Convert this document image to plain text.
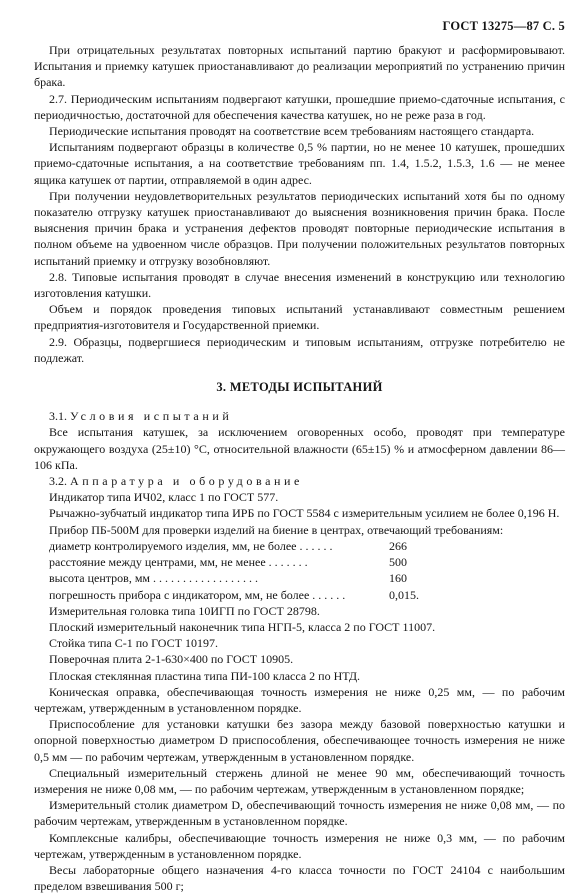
ГОСТ 13275—87 С. 5

При отрицательных результатах повторных испытаний партию бракуют и расформировывают. Испытания и приемку катушек приостанавливают до реализации мероприятий по устранению причин брака.

2.7. Периодическим испытаниям подвергают катушки, прошедшие приемо-сдаточные испытания, с периодичностью, достаточной для обеспечения качества катушек, но не реже раза в год.

Периодические испытания проводят на соответствие всем требованиям настоящего стандарта.

Испытаниям подвергают образцы в количестве 0,5 % партии, но не менее 10 катушек, прошедших приемо-сдаточные испытания, а на соответствие требованиям пп. 1.4, 1.5.2, 1.5.3, 1.6 — не менее ящика катушек от партии, отправляемой в один адрес.

При получении неудовлетворительных результатов периодических испытаний хотя бы по одному показателю отгрузку катушек приостанавливают до выяснения возникновения причин брака. После выяснения причин брака и устранения дефектов проводят повторные периодические испытания в полном объеме на удвоенном числе образцов. При получении положительных результатов повторных испытаний приемку и отгрузку возобновляют.

2.8. Типовые испытания проводят в случае внесения изменений в конструкцию или технологию изготовления катушки.

Объем и порядок проведения типовых испытаний устанавливают совместным решением предприятия-изготовителя и Государственной приемки.

2.9. Образцы, подвергшиеся периодическим и типовым испытаниям, отгрузке потребителю не подлежат.

3. МЕТОДЫ ИСПЫТАНИЙ

3.1. Условия испытаний

Все испытания катушек, за исключением оговоренных особо, проводят при температуре окружающего воздуха (25±10) °С, относительной влажности (65±15) % и атмосферном давлении 86—106 кПа.

3.2. Аппаратура и оборудование

Индикатор типа ИЧ02, класс 1 по ГОСТ 577.

Рычажно-зубчатый индикатор типа ИРБ по ГОСТ 5584 с измерительным усилием не более 0,196 Н.

Прибор ПБ-500М для проверки изделий на биение в центрах, отвечающий требованиям:

диаметр контролируемого изделия, мм, не более . . . . . .	266
расстояние между центрами, мм, не менее . . . . . . .	500
высота центров, мм . . . . . . . . . . . . . . . . . .	160
погрешность прибора с индикатором, мм, не более . . . . . .	0,015.

Измерительная головка типа 10ИГП по ГОСТ 28798.

Плоский измерительный наконечник типа НГП-5, класса 2 по ГОСТ 11007.

Стойка типа С-1 по ГОСТ 10197.

Поверочная плита 2-1-630×400 по ГОСТ 10905.

Плоская стеклянная пластина типа ПИ-100 класса 2 по НТД.

Коническая оправка, обеспечивающая точность измерения не ниже 0,25 мм, — по рабочим чертежам, утвержденным в установленном порядке.

Приспособление для установки катушки без зазора между базовой поверхностью катушки и опорной поверхностью диаметром D приспособления, обеспечивающее точность измерения не ниже 0,5 мм — по рабочим чертежам, утвержденным в установленном порядке.

Специальный измерительный стержень длиной не менее 90 мм, обеспечивающий точность измерения не ниже 0,08 мм, — по рабочим чертежам, утвержденным в установленном порядке;

Измерительный столик диаметром D, обеспечивающий точность измерения не ниже 0,08 мм, — по рабочим чертежам, утвержденным в установленном порядке.

Комплексные калибры, обеспечивающие точность измерения не ниже 0,3 мм, — по рабочим чертежам, утвержденным в установленном порядке.

Весы лабораторные общего назначения 4-го класса точности по ГОСТ 24104 с наибольшим пределом взвешивания 500 г;
